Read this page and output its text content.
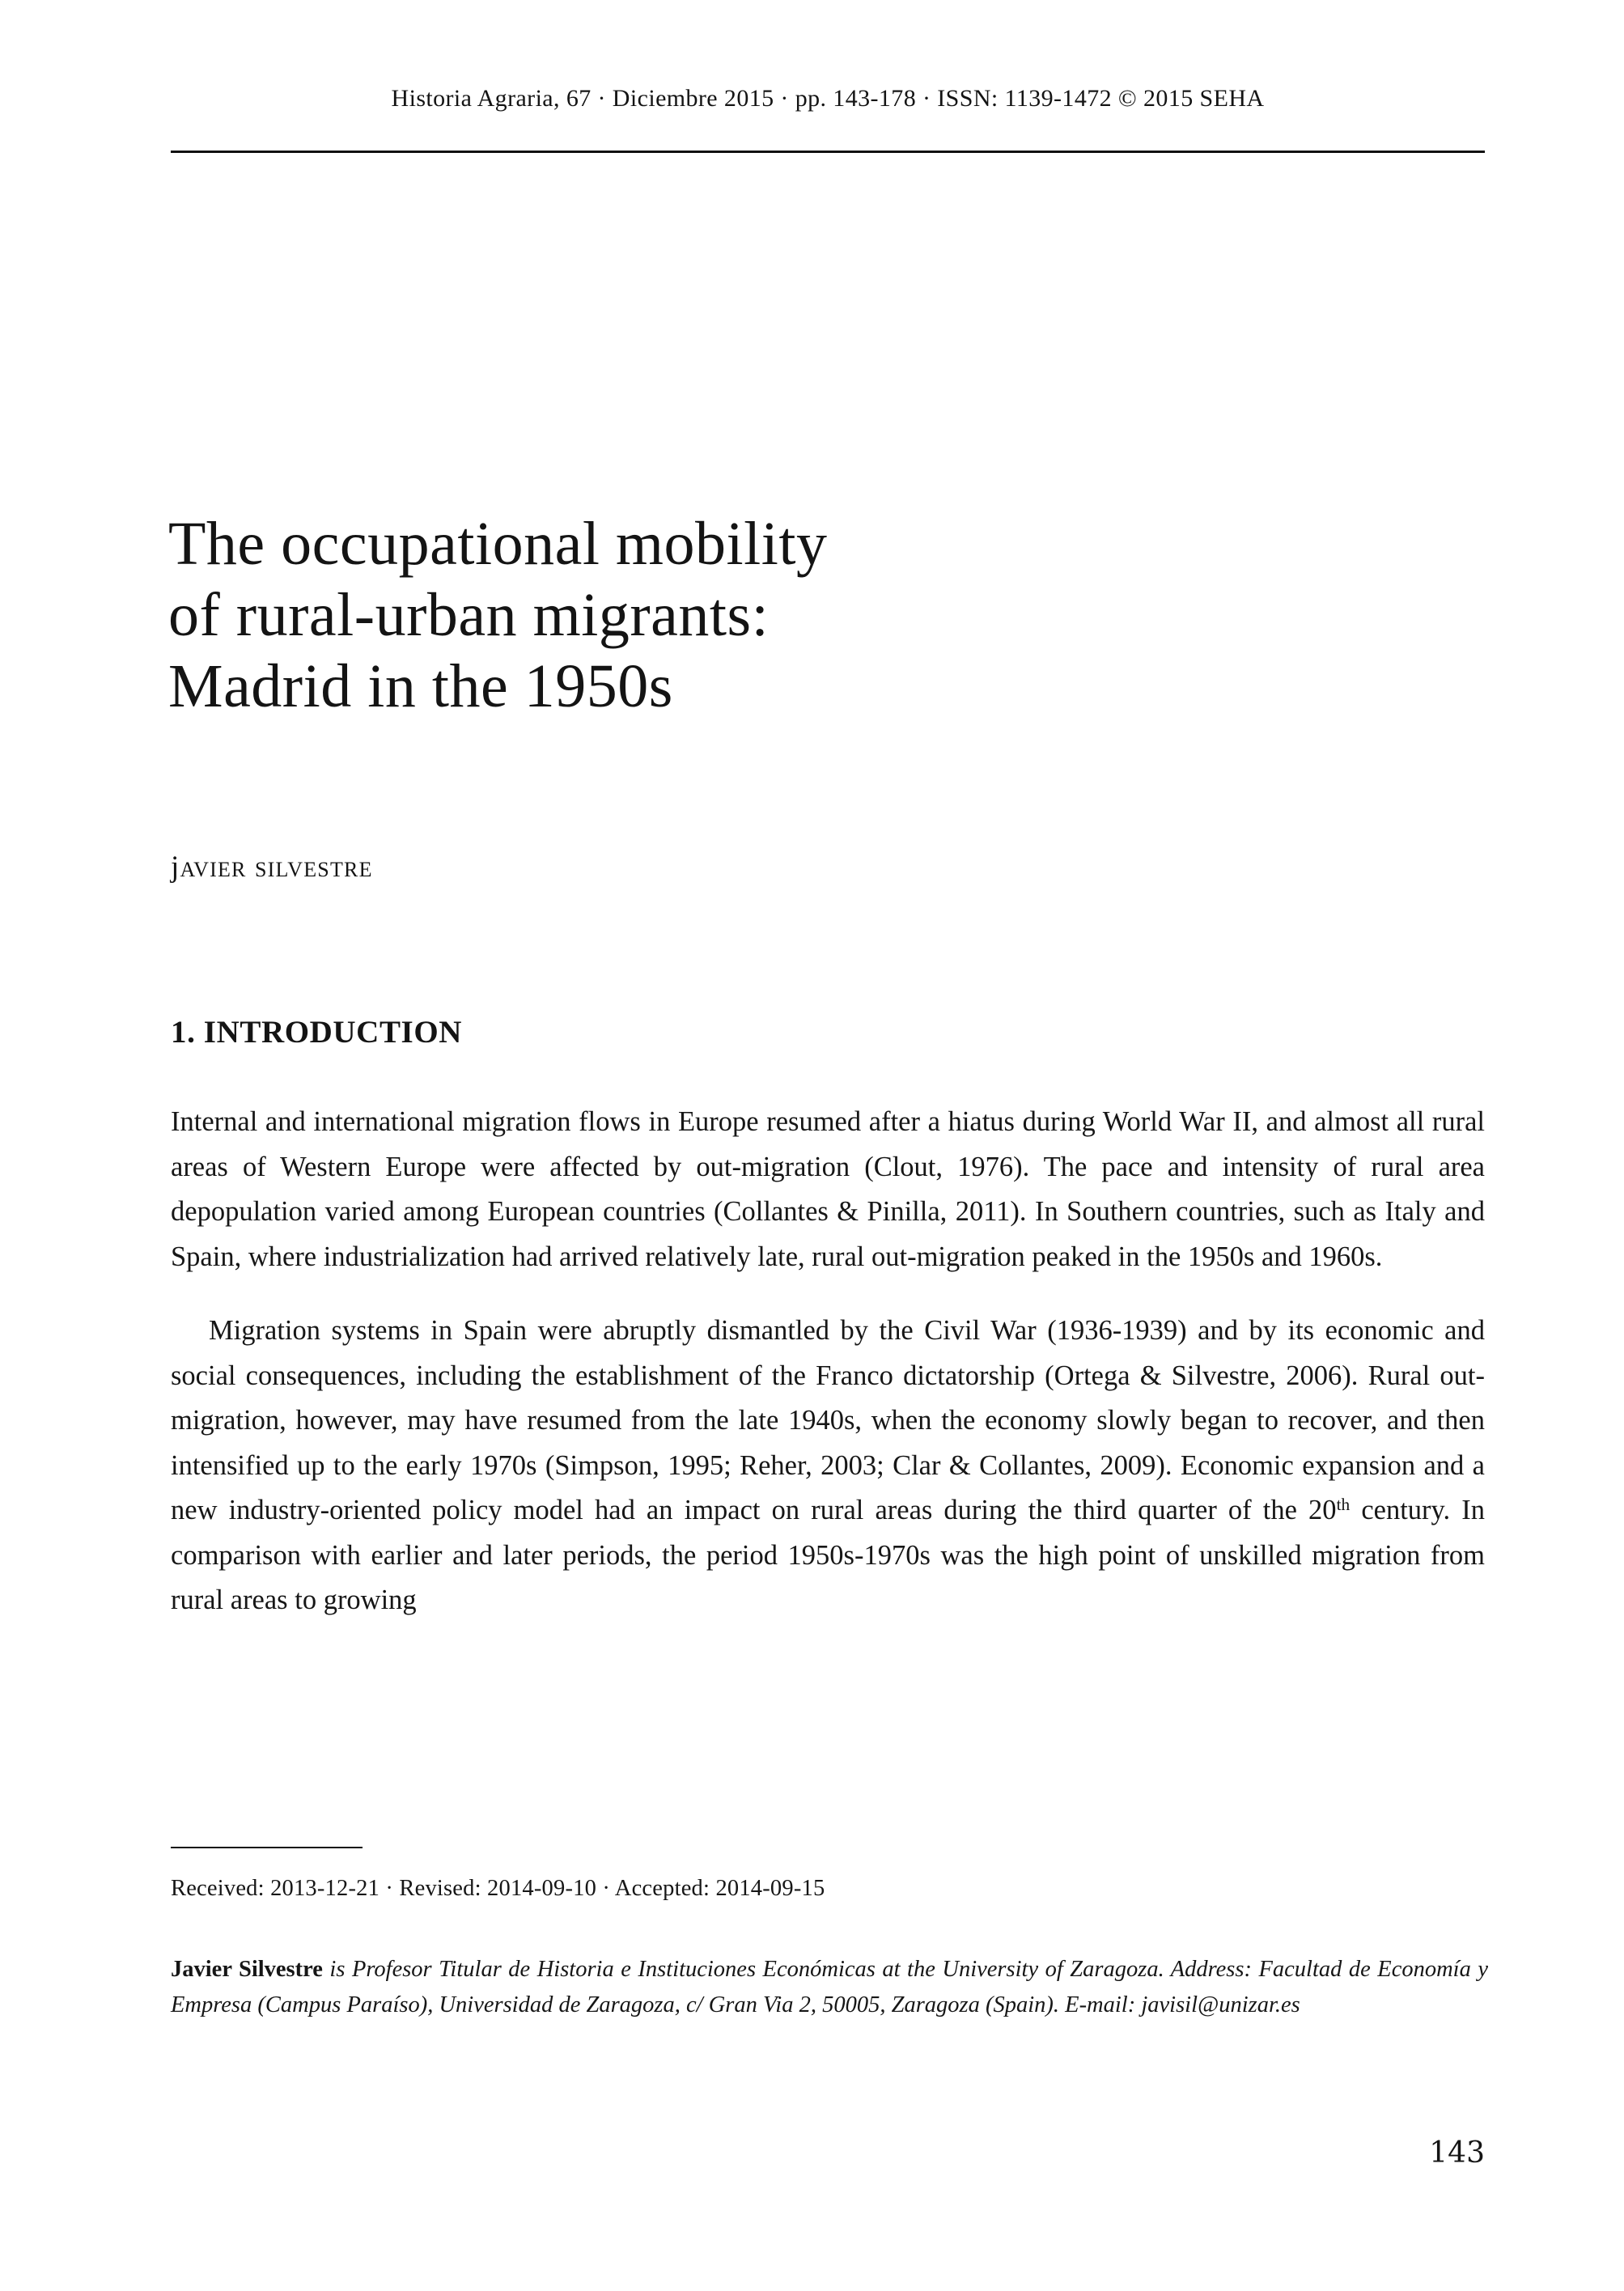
Historia Agraria, 67 · Diciembre 2015 · pp. 143-178 · ISSN: 1139-1472 © 2015 SEHA
The occupational mobility
of rural-urban migrants:
Madrid in the 1950s
javier silvestre
1. INTRODUCTION

Internal and international migration flows in Europe resumed after a hiatus during World War II, and almost all rural areas of Western Europe were affected by out-migration (Clout, 1976). The pace and intensity of rural area depopulation varied among European countries (Collantes & Pinilla, 2011). In Southern countries, such as Italy and Spain, where industrialization had arrived relatively late, rural out-migration peaked in the 1950s and 1960s.

Migration systems in Spain were abruptly dismantled by the Civil War (1936-1939) and by its economic and social consequences, including the establishment of the Franco dictatorship (Ortega & Silvestre, 2006). Rural out-migration, however, may have resumed from the late 1940s, when the economy slowly began to recover, and then intensified up to the early 1970s (Simpson, 1995; Reher, 2003; Clar & Collantes, 2009). Economic expansion and a new industry-oriented policy model had an impact on rural areas during the third quarter of the 20th century. In comparison with earlier and later periods, the period 1950s-1970s was the high point of unskilled migration from rural areas to growing

Received: 2013-12-21 · Revised: 2014-09-10 · Accepted: 2014-09-15
Javier Silvestre is Profesor Titular de Historia e Instituciones Económicas at the University of Zaragoza. Address: Facultad de Economía y Empresa (Campus Paraíso), Universidad de Zaragoza, c/ Gran Via 2, 50005, Zaragoza (Spain). E-mail: javisil@unizar.es
143
